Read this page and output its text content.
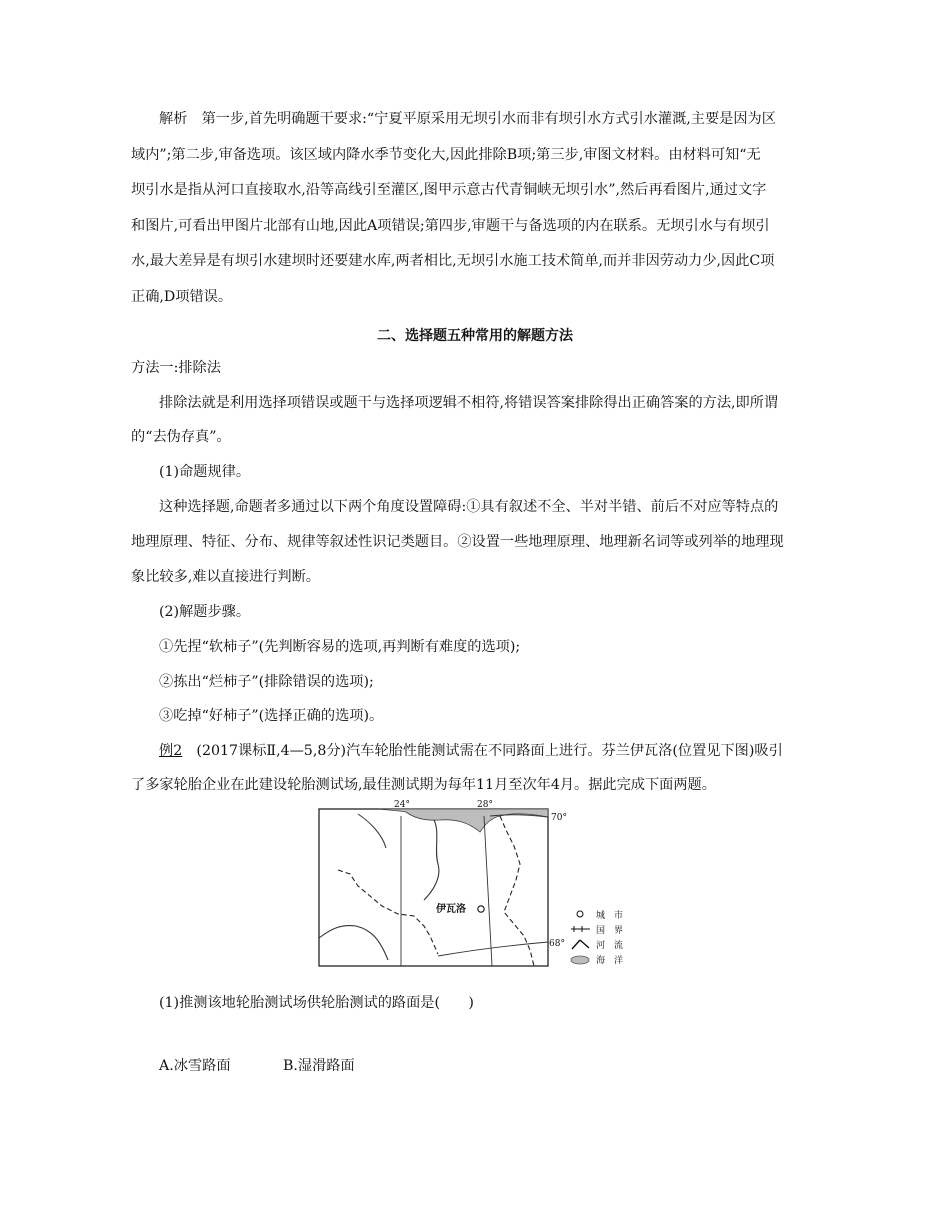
解析　第一步,首先明确题干要求:“宁夏平原采用无坝引水而非有坝引水方式引水灌溉,主要是因为区
域内”;第二步,审备选项。该区域内降水季节变化大,因此排除B项;第三步,审图文材料。由材料可知“无
坝引水是指从河口直接取水,沿等高线引至灌区,图甲示意古代青铜峡无坝引水”,然后再看图片,通过文字
和图片,可看出甲图片北部有山地,因此A项错误;第四步,审题干与备选项的内在联系。无坝引水与有坝引
水,最大差异是有坝引水建坝时还要建水库,两者相比,无坝引水施工技术简单,而并非因劳动力少,因此C项
正确,D项错误。
二、选择题五种常用的解题方法
方法一:排除法
排除法就是利用选择项错误或题干与选择项逻辑不相符,将错误答案排除得出正确答案的方法,即所谓
的“去伪存真”。
(1)命题规律。
这种选择题,命题者多通过以下两个角度设置障碍:①具有叙述不全、半对半错、前后不对应等特点的
地理原理、特征、分布、规律等叙述性识记类题目。②设置一些地理原理、地理新名词等或列举的地理现
象比较多,难以直接进行判断。
(2)解题步骤。
①先捏“软柿子”(先判断容易的选项,再判断有难度的选项);
②拣出“烂柿子”(排除错误的选项);
③吃掉“好柿子”(选择正确的选项)。
例2　(2017课标Ⅱ,4—5,8分)汽车轮胎性能测试需在不同路面上进行。芬兰伊瓦洛(位置见下图)吸引
了多家轮胎企业在此建设轮胎测试场,最佳测试期为每年11月至次年4月。据此完成下面两题。
伊瓦洛
24°	28°
70°
68°
城　市
国　界
河　流
海　洋
(1)推测该地轮胎测试场供轮胎测试的路面是(　　)
A.冰雪路面	B.湿滑路面
